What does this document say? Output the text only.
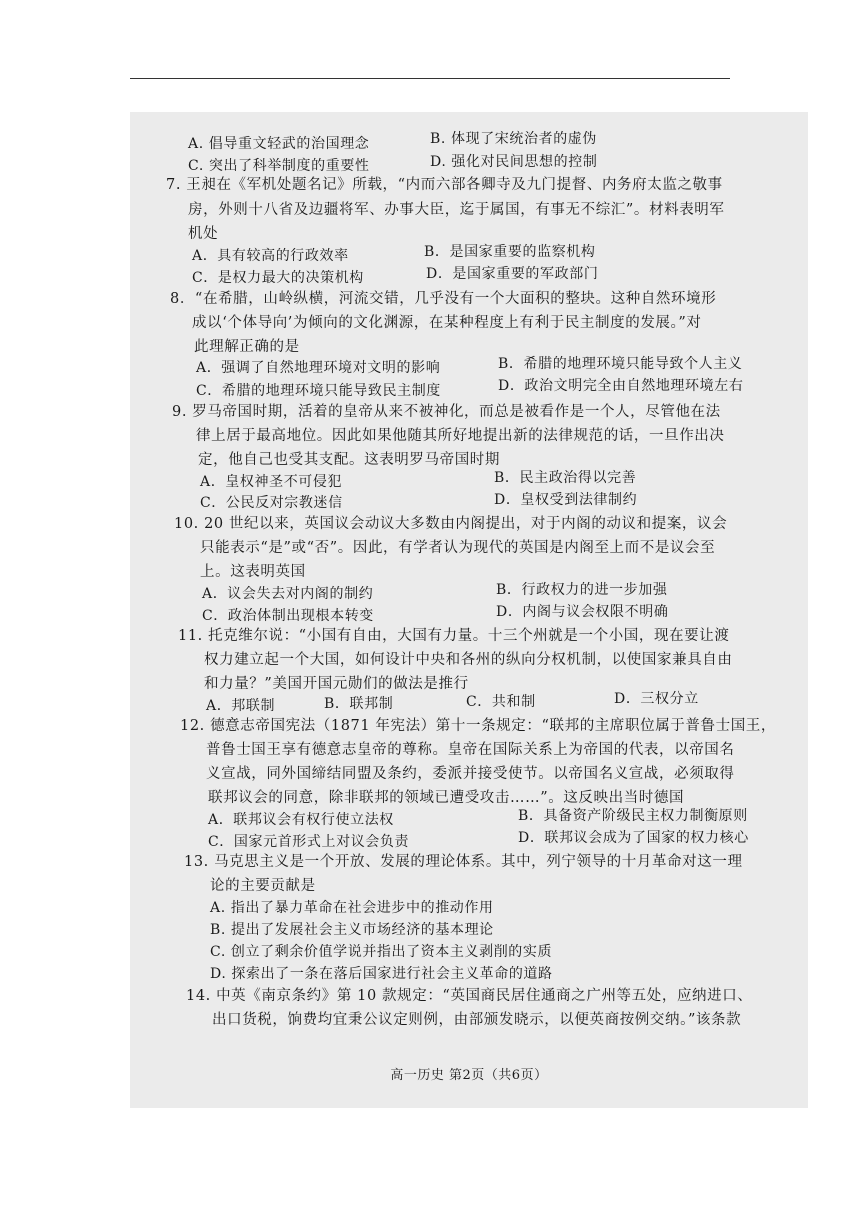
A. 倡导重文轻武的治国理念	B. 体现了宋统治者的虚伪
C. 突出了科举制度的重要性	D. 强化对民间思想的控制
7. 王昶在《军机处题名记》所载，“内而六部各卿寺及九门提督、内务府太监之敬事
房，外则十八省及边疆将军、办事大臣，迄于属国，有事无不综汇”。材料表明军
机处
A．具有较高的行政效率	B．是国家重要的监察机构
C．是权力最大的决策机构	D．是国家重要的军政部门
8．“在希腊，山岭纵横，河流交错，几乎没有一个大面积的整块。这种自然环境形
成以‘个体导向’为倾向的文化渊源，在某种程度上有利于民主制度的发展。”对
此理解正确的是
A．强调了自然地理环境对文明的影响	B．希腊的地理环境只能导致个人主义
C．希腊的地理环境只能导致民主制度	D．政治文明完全由自然地理环境左右
9. 罗马帝国时期，活着的皇帝从来不被神化，而总是被看作是一个人，尽管他在法
律上居于最高地位。因此如果他随其所好地提出新的法律规范的话，一旦作出决
定，他自己也受其支配。这表明罗马帝国时期
A．皇权神圣不可侵犯	B．民主政治得以完善
C．公民反对宗教迷信	D．皇权受到法律制约
10. 20 世纪以来，英国议会动议大多数由内阁提出，对于内阁的动议和提案，议会
只能表示“是”或“否”。因此，有学者认为现代的英国是内阁至上而不是议会至
上。这表明英国
A．议会失去对内阁的制约	B．行政权力的进一步加强
C．政治体制出现根本转变	D．内阁与议会权限不明确
11. 托克维尔说：“小国有自由，大国有力量。十三个州就是一个小国，现在要让渡
权力建立起一个大国，如何设计中央和各州的纵向分权机制，以使国家兼具自由
和力量？”美国开国元勋们的做法是推行
A．邦联制	B．联邦制	C．共和制	D．三权分立
12. 德意志帝国宪法（1871 年宪法）第十一条规定：“联邦的主席职位属于普鲁士国王，
普鲁士国王享有德意志皇帝的尊称。皇帝在国际关系上为帝国的代表，以帝国名
义宣战，同外国缔结同盟及条约，委派并接受使节。以帝国名义宣战，必须取得
联邦议会的同意，除非联邦的领域已遭受攻击……”。这反映出当时德国
A．联邦议会有权行使立法权	B．具备资产阶级民主权力制衡原则
C．国家元首形式上对议会负责	D．联邦议会成为了国家的权力核心
13. 马克思主义是一个开放、发展的理论体系。其中，列宁领导的十月革命对这一理
论的主要贡献是
A. 指出了暴力革命在社会进步中的推动作用
B. 提出了发展社会主义市场经济的基本理论
C. 创立了剩余价值学说并指出了资本主义剥削的实质
D. 探索出了一条在落后国家进行社会主义革命的道路
14. 中英《南京条约》第 10 款规定：“英国商民居住通商之广州等五处，应纳进口、
出口货税，饷费均宜秉公议定则例，由部颁发晓示，以便英商按例交纳。”该条款
高一历史 第2页（共6页）
